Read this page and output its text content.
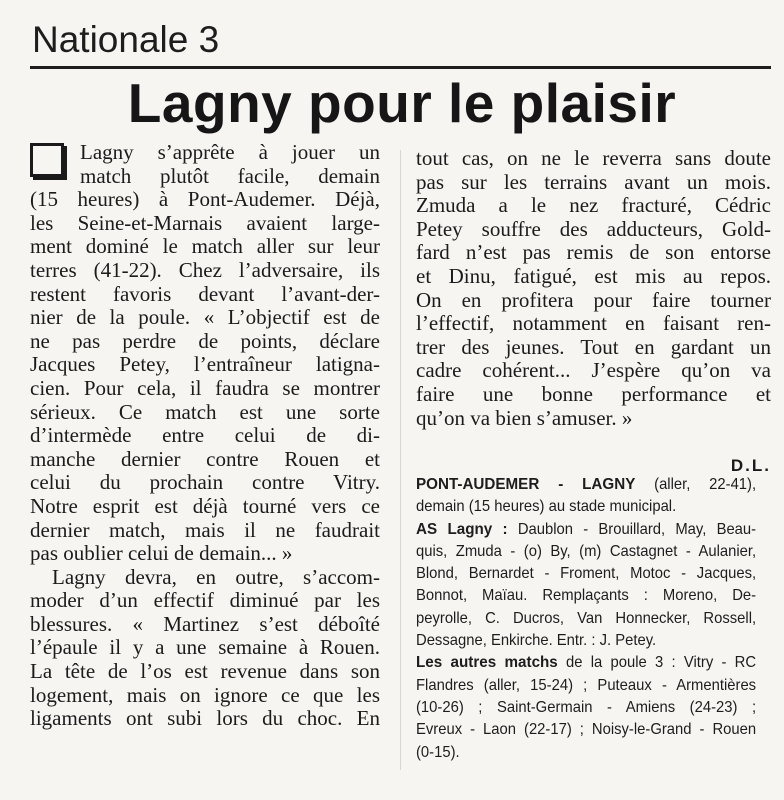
Nationale 3
Lagny pour le plaisir
Lagny s’apprête à jouer un
match plutôt facile, demain
(15 heures) à Pont-Audemer. Déjà,
les Seine-et-Marnais avaient large-
ment dominé le match aller sur leur
terres (41-22). Chez l’adversaire, ils
restent favoris devant l’avant-der-
nier de la poule. « L’objectif est de
ne pas perdre de points, déclare
Jacques Petey, l’entraîneur latigna-
cien. Pour cela, il faudra se montrer
sérieux. Ce match est une sorte
d’intermède entre celui de di-
manche dernier contre Rouen et
celui du prochain contre Vitry.
Notre esprit est déjà tourné vers ce
dernier match, mais il ne faudrait
pas oublier celui de demain... »
Lagny devra, en outre, s’accom-
moder d’un effectif diminué par les
blessures. « Martinez s’est déboîté
l’épaule il y a une semaine à Rouen.
La tête de l’os est revenue dans son
logement, mais on ignore ce que les
ligaments ont subi lors du choc. En
tout cas, on ne le reverra sans doute
pas sur les terrains avant un mois.
Zmuda a le nez fracturé, Cédric
Petey souffre des adducteurs, Gold-
fard n’est pas remis de son entorse
et Dinu, fatigué, est mis au repos.
On en profitera pour faire tourner
l’effectif, notamment en faisant ren-
trer des jeunes. Tout en gardant un
cadre cohérent... J’espère qu’on va
faire une bonne performance et
qu’on va bien s’amuser. »
D.L.
PONT-AUDEMER - LAGNY (aller, 22-41),
demain (15 heures) au stade municipal.
AS Lagny : Daublon - Brouillard, May, Beau-
quis, Zmuda - (o) By, (m) Castagnet - Aulanier,
Blond, Bernardet - Froment, Motoc - Jacques,
Bonnot, Maïau. Remplaçants : Moreno, De-
peyrolle, C. Ducros, Van Honnecker, Rossell,
Dessagne, Enkirche. Entr. : J. Petey.
Les autres matchs de la poule 3 : Vitry - RC
Flandres (aller, 15-24) ; Puteaux - Armentières
(10-26) ; Saint-Germain - Amiens (24-23) ;
Evreux - Laon (22-17) ; Noisy-le-Grand - Rouen
(0-15).
